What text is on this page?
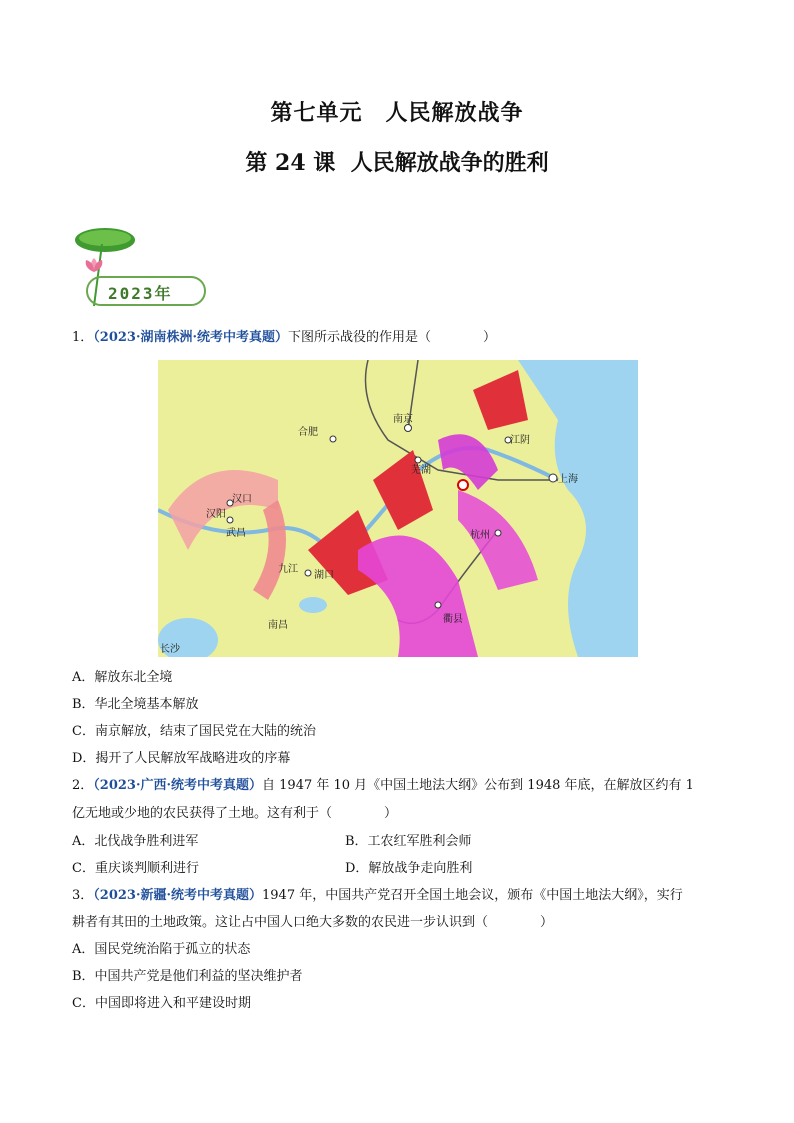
第七单元　人民解放战争
第 24 课  人民解放战争的胜利
2023年
1．（2023·湖南株洲·统考中考真题）下图所示战役的作用是（　　　　）
合肥
南京
芜湖
江阴
上海
汉口
汉阳
武昌	杭州
九江
湖口
南昌
衢县
长沙
A．解放东北全境
B．华北全境基本解放
C．南京解放，结束了国民党在大陆的统治
D．揭开了人民解放军战略进攻的序幕
2．（2023·广西·统考中考真题）自 1947 年 10 月《中国土地法大纲》公布到 1948 年底，在解放区约有 1
亿无地或少地的农民获得了土地。这有利于（　　　　）
A．北伐战争胜利进军	B．工农红军胜利会师
C．重庆谈判顺利进行	D．解放战争走向胜利
3．（2023·新疆·统考中考真题）1947 年，中国共产党召开全国土地会议，颁布《中国土地法大纲》，实行
耕者有其田的土地政策。这让占中国人口绝大多数的农民进一步认识到（　　　　）
A．国民党统治陷于孤立的状态
B．中国共产党是他们利益的坚决维护者
C．中国即将进入和平建设时期
